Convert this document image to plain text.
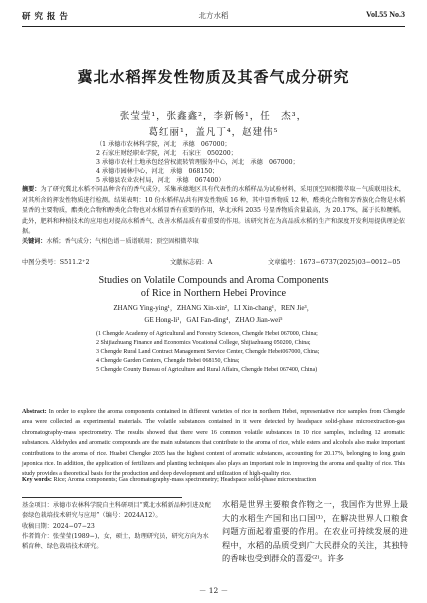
研 究 报 告	北方水稻	Vol.55 No.3
冀北水稻挥发性物质及其香气成分研究
张莹莹¹，张鑫鑫²，李新畅¹，任　杰³，
葛红丽¹，盖凡丁⁴，赵建伟⁵
（1 承德市农林科学院，河北　承德　067000；
2 石家庄财经职业学院，河北　石家庄　050200；
3 承德市农村土地承包经营权流转管理服务中心，河北　承德　067000；
4 承德市园林中心，河北　承德　068150；
5 承德县农业农村局，河北　承德　067400）
摘要：为了研究冀北水稻不同品种含有的香气成分，采集承德地区具有代表性的水稻样品为试验材料，采用顶空固相微萃取－气质联用技术，对其所含的挥发性物质进行检测。结果表明：10 份水稻样品共有挥发性物质 16 种，其中显香物质 12 种，醛类化合物和芳香族化合物是水稻显香的主要物质，酯类化合物和醇类化合物也对水稻显香有重要的作用，华北承科 2035 号显香物质含量最高，为 20.17%，属于长粒粳稻。此外，肥料和种植技术的应用也对提高水稻香气、改善水稻品质有着重要的作用。该研究旨在为高品质水稻的生产和深度开发利用提供理论依据。
关键词：水稻；香气成分；气相色谱－质谱联用；顶空固相微萃取
中图分类号：S511.2⁺2	文献标志码：A	文章编号：1673−6737(2025)03−0012−05
Studies on Volatile Compounds and Aroma Components
of Rice in Northern Hebei Province
ZHANG Ying-ying¹，ZHANG Xin-xin²，LI Xin-chang¹，REN Jie³，
GE Hong-li¹，GAI Fan-ding⁴，ZHAO Jian-wei⁵
(1 Chengde Academy of Agricultural and Forestry Sciences, Chengde Hebei 067000, China;
2 Shijiazhuang Finance and Economics Vocational College, Shijiazhuang 050200, China;
3 Chengde Rural Land Contract Management Service Center, Chengde Hebei067000, China;
4 Chengde Garden Centers, Chengde Hebei 068150, China;
5 Chengde County Bureau of Agriculture and Rural Affairs, Chengde Hebei 067400, China)
Abstract: In order to explore the aroma components contained in different varieties of rice in northern Hebei, representative rice samples from Chengde area were collected as experimental materials. The volatile substances contained in it were detected by headspace solid-phase microextraction-gas chromatography-mass spectrometry. The results showed that there were 16 common volatile substances in 10 rice samples, including 12 aromatic substances. Aldehydes and aromatic compounds are the main substances that contribute to the aroma of rice, while esters and alcohols also make important contributions to the aroma of rice. Huabei Chengke 2035 has the highest content of aromatic substances, accounting for 20.17%, belonging to long grain japonica rice. In addition, the application of fertilizers and planting techniques also plays an important role in improving the aroma and quality of rice. This study provides a theoretical basis for the production and deep development and utilization of high-quality rice.
Key words: Rice; Aroma components; Gas chromatography-mass spectrometry; Headspace solid-phase microextraction

基金项目：承德市农林科学院自主科研项目“冀北水稻新品种引进及配套绿色栽培技术研究与应用”（编号：2024A12）。

收稿日期：2024−07−23

作者简介：张莹莹(1989−)，女，硕士，助理研究员，研究方向为水稻育种、绿色栽培技术研究。

水稻是世界主要粮食作物之一，我国作为世界上最大的水稻生产国和出口国⁽¹⁾，在解决世界人口粮食问题方面起着重要的作用。在农业可持续发展的进程中，水稻的品质受到广大民群众的关注，其独特的香味也受到群众的喜爱⁽²⁾。许多
－ 12 －
